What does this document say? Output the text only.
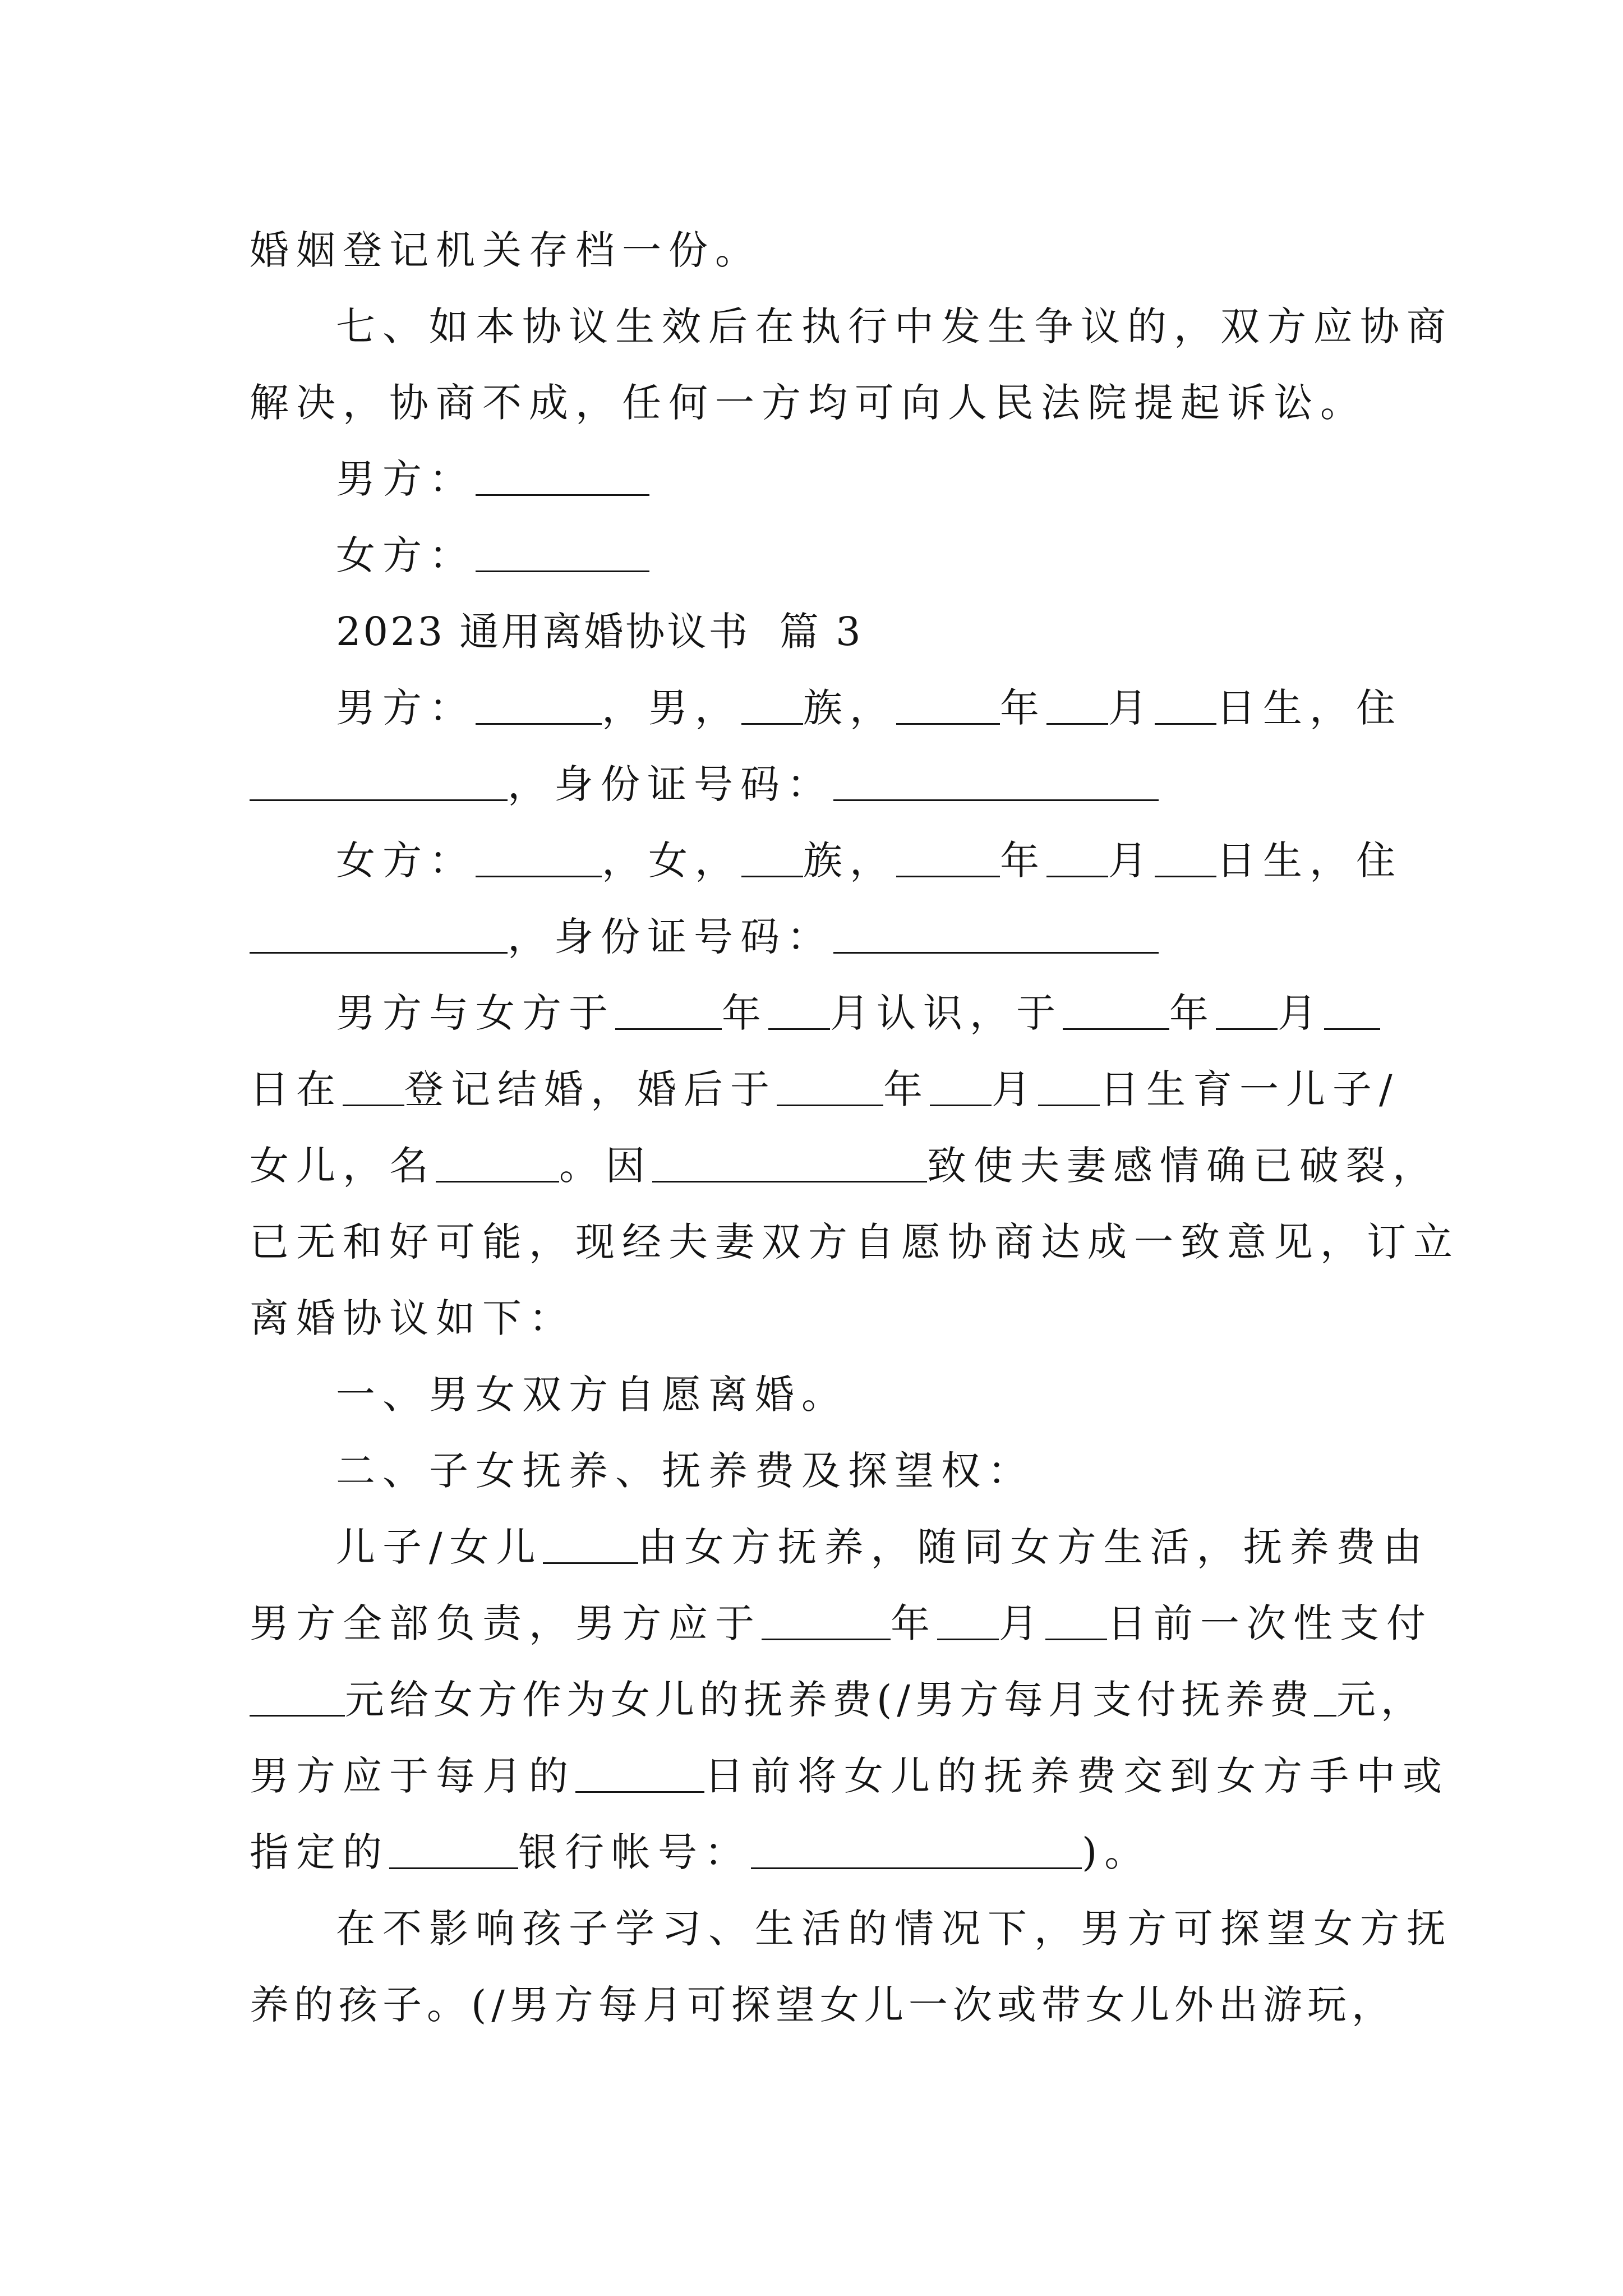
婚姻登记机关存档一份。
七、如本协议生效后在执行中发生争议的，双方应协商
解决，协商不成，任何一方均可向人民法院提起诉讼。
男方：
女方：
2023 通用离婚协议书  篇 3
男方：	，男， 族，	年 月 日生，住
，身份证号码：
女方：	，女， 族，	年 月 日生，住
，身份证号码：
男方与女方于	年 月认识，于	年 月
日在 登记结婚，婚后于	年 月 日生育一儿子/
女儿，名	。因	致使夫妻感情确已破裂，
已无和好可能，现经夫妻双方自愿协商达成一致意见，订立
离婚协议如下：
一、男女双方自愿离婚。
二、子女抚养、抚养费及探望权：
儿子/女儿 由女方抚养，随同女方生活，抚养费由
男方全部负责，男方应于	年 月 日前一次性支付
元给女方作为女儿的抚养费(/男方每月支付抚养费 元，
男方应于每月的	日前将女儿的抚养费交到女方手中或
指定的	银行帐号：	)。
在不影响孩子学习、生活的情况下，男方可探望女方抚
养的孩子。(/男方每月可探望女儿一次或带女儿外出游玩，
